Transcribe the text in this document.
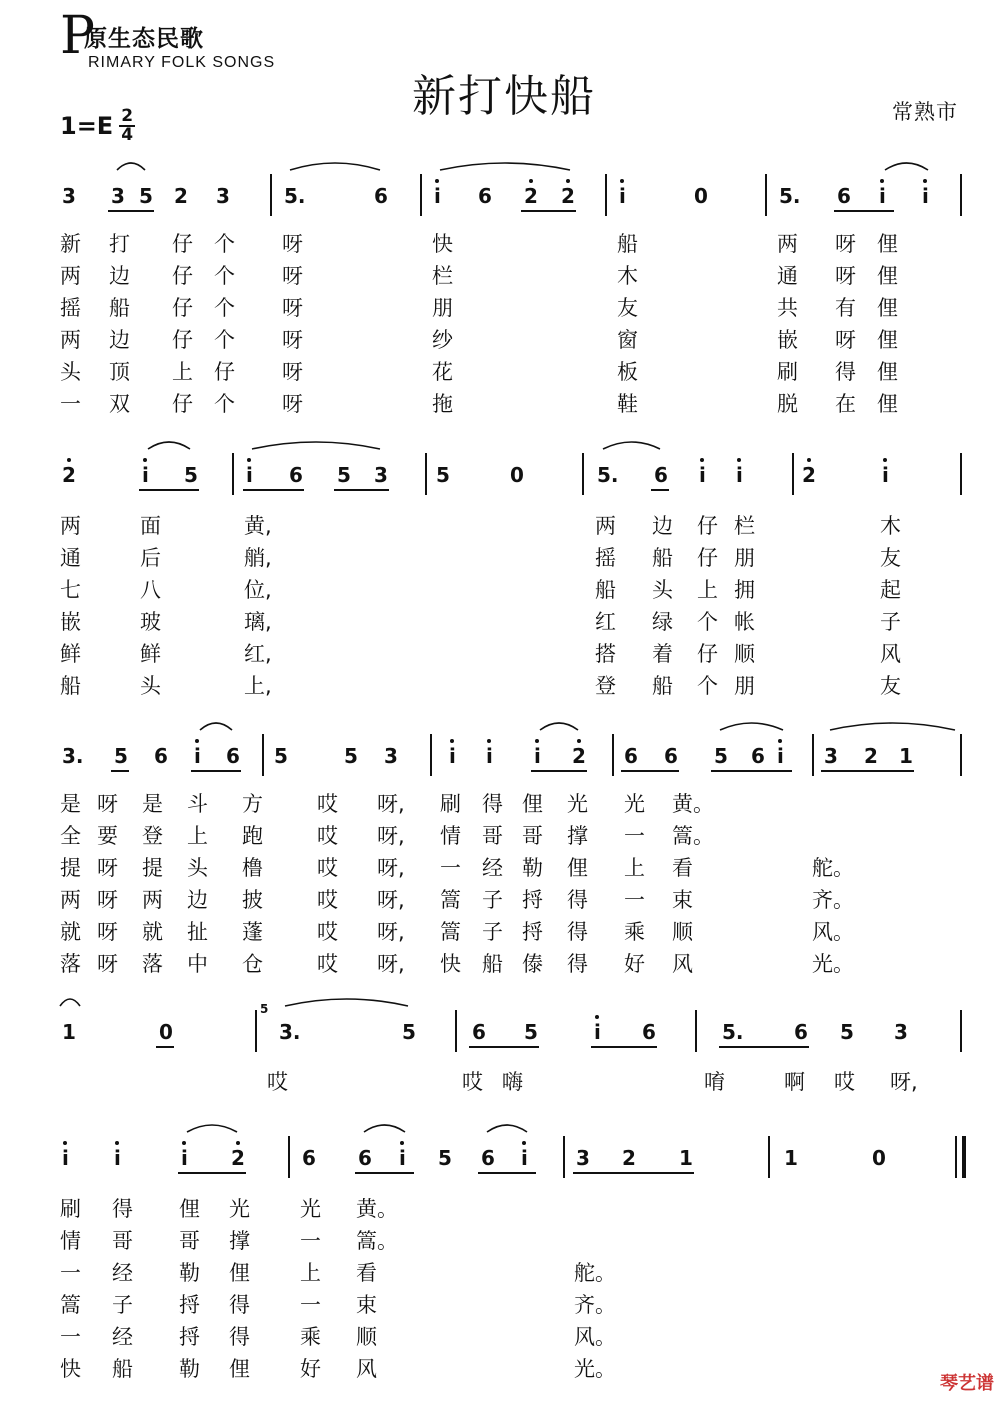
P
原生态民歌
RIMARY FOLK SONGS
新打快船
$1=E \frac{2}{4}$	常熟市
3 3 5 2 3	5.	6 i 6 2 2 i	0	5. 6 i i
新 打 仔 个 呀	快	船	两 呀 俚
两 边 仔 个 呀	栏	木	通 呀 俚
摇 船 仔 个 呀	朋	友	共 有 俚
两 边 仔 个 呀	纱	窗	嵌 呀 俚
头 顶 上 仔 呀	花	板	刷 得 俚
一 双 仔 个 呀	拖	鞋	脱 在 俚
2	i 5 i 6 5 3 5	0	5. 6 i i	2	i
两	面	黄,	两 边 仔 栏	木
通	后	艄,	摇 船 仔 朋	友
七	八	位,	船 头 上 拥	起
嵌	玻	璃,	红 绿 个 帐	子
鲜	鲜	红,	搭 着 仔 顺	风
船	头	上,	登 船 个 朋	友
3. 5 6 i 6 5	5 3	i i i 2 6 6 5 6 i 3 2 1
是 呀 是 斗 方	哎 呀, 刷 得 俚 光 光 黄。
全 要 登 上 跑	哎 呀, 情 哥 哥 撑 一 篙。
提 呀 提 头 橹	哎 呀, 一 经 勒 俚 上 看	舵。
两 呀 两 边 披	哎 呀, 篙 子 捋 得 一 束	齐。
就 呀 就 扯 蓬	哎 呀, 篙 子 捋 得 乘 顺	风。
落 呀 落 中 仓	哎 呀, 快 船 傣 得 好 风	光。
1	0	3.	5	6 5	i 6	5.	6 5 3
哎	哎 嗨	唷	啊 哎 呀,
5
i i	i 2	6 6 i 5 6 i 3 2 1	1	0
刷 得 俚 光 光 黄。
情 哥 哥 撑 一 篙。
一 经 勒 俚 上 看	舵。
篙 子 捋 得 一 束	齐。
一 经 捋 得 乘 顺	风。
快 船 勒 俚 好 风	光。
琴艺谱
